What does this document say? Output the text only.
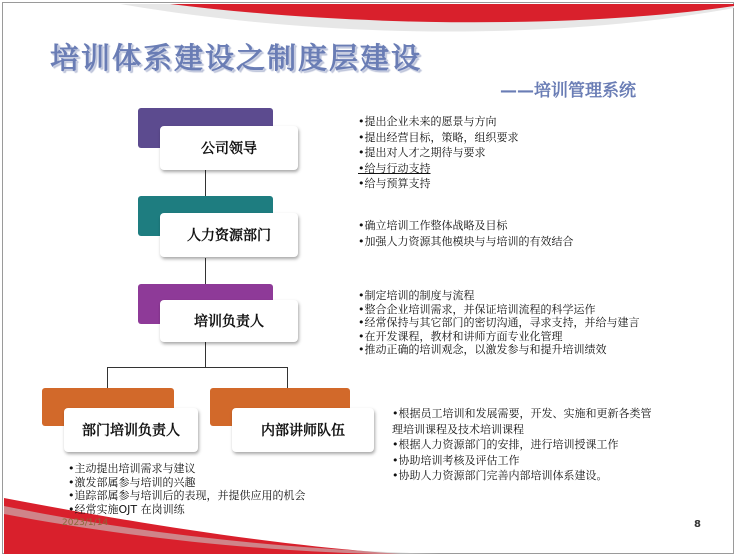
培训体系建设之制度层建设
——培训管理系统
公司领导
人力资源部门
培训负责人
部门培训负责人	内部讲师队伍
•提出企业未来的愿景与方向
•提出经营目标，策略，组织要求
•提出对人才之期待与要求
•给与行动支持
•给与预算支持
•确立培训工作整体战略及目标
•加强人力资源其他模块与与培训的有效结合
•制定培训的制度与流程
•整合企业培训需求，并保证培训流程的科学运作
•经常保持与其它部门的密切沟通，寻求支持，并给与建言
•在开发课程，教材和讲师方面专业化管理
•推动正确的培训观念，以激发参与和提升培训绩效
•根据员工培训和发展需要，开发、实施和更新各类管
理培训课程及技术培训课程
•根据人力资源部门的安排，进行培训授课工作
•协助培训考核及评估工作
•协助人力资源部门完善内部培训体系建设。
•主动提出培训需求与建议
•激发部属参与培训的兴趣
•追踪部属参与培训后的表现，并提供应用的机会
•经常实施OJT 在岗训练
2023/1/14	8
